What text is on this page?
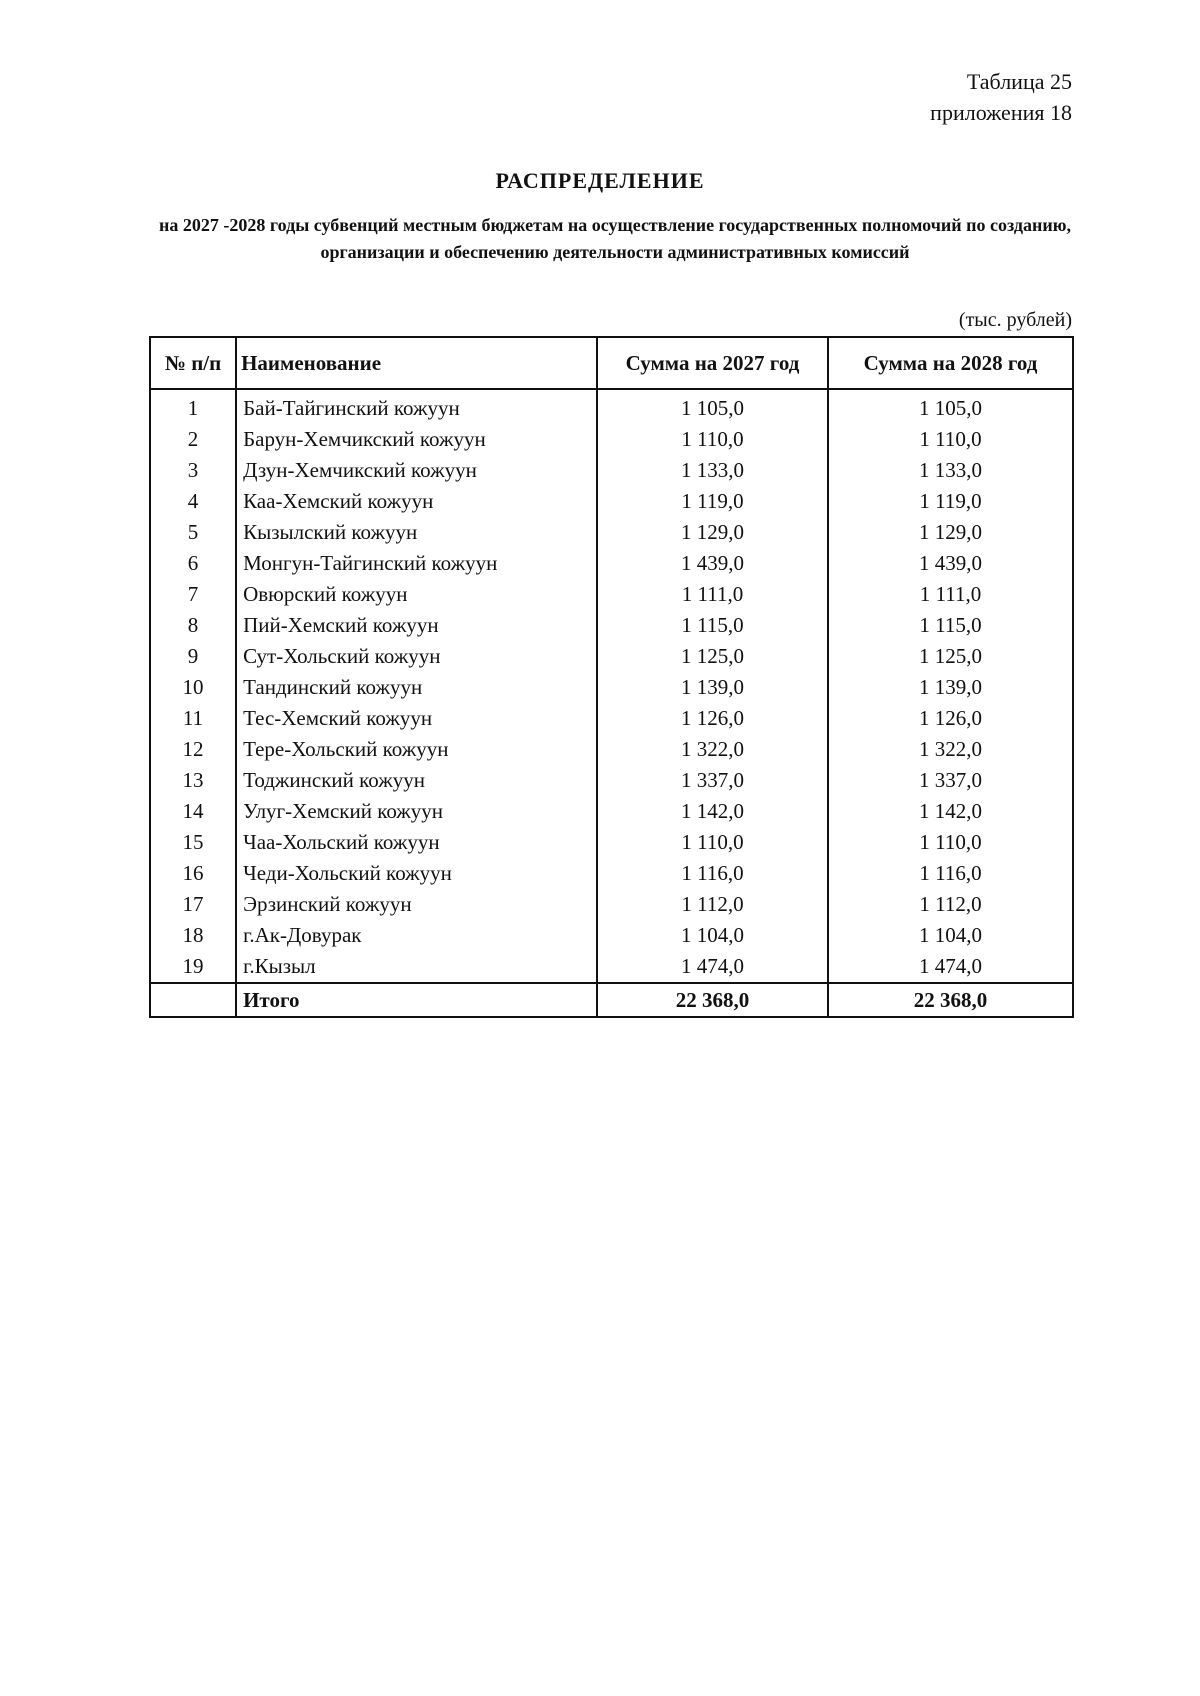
Таблица 25
приложения 18
РАСПРЕДЕЛЕНИЕ
на 2027 -2028 годы субвенций местным бюджетам на осуществление государственных полномочий по созданию, организации и обеспечению деятельности административных комиссий
(тыс. рублей)
№ п/п	Наименование	Сумма на 2027 год	Сумма на 2028 год
1	Бай-Тайгинский кожуун	1 105,0	1 105,0
2	Барун-Хемчикский кожуун	1 110,0	1 110,0
3	Дзун-Хемчикский кожуун	1 133,0	1 133,0
4	Каа-Хемский кожуун	1 119,0	1 119,0
5	Кызылский кожуун	1 129,0	1 129,0
6	Монгун-Тайгинский кожуун	1 439,0	1 439,0
7	Овюрский кожуун	1 111,0	1 111,0
8	Пий-Хемский кожуун	1 115,0	1 115,0
9	Сут-Хольский кожуун	1 125,0	1 125,0
10	Тандинский кожуун	1 139,0	1 139,0
11	Тес-Хемский кожуун	1 126,0	1 126,0
12	Тере-Хольский кожуун	1 322,0	1 322,0
13	Тоджинский кожуун	1 337,0	1 337,0
14	Улуг-Хемский кожуун	1 142,0	1 142,0
15	Чаа-Хольский кожуун	1 110,0	1 110,0
16	Чеди-Хольский кожуун	1 116,0	1 116,0
17	Эрзинский кожуун	1 112,0	1 112,0
18	г.Ак-Довурак	1 104,0	1 104,0
19	г.Кызыл	1 474,0	1 474,0
	Итого	22 368,0	22 368,0
